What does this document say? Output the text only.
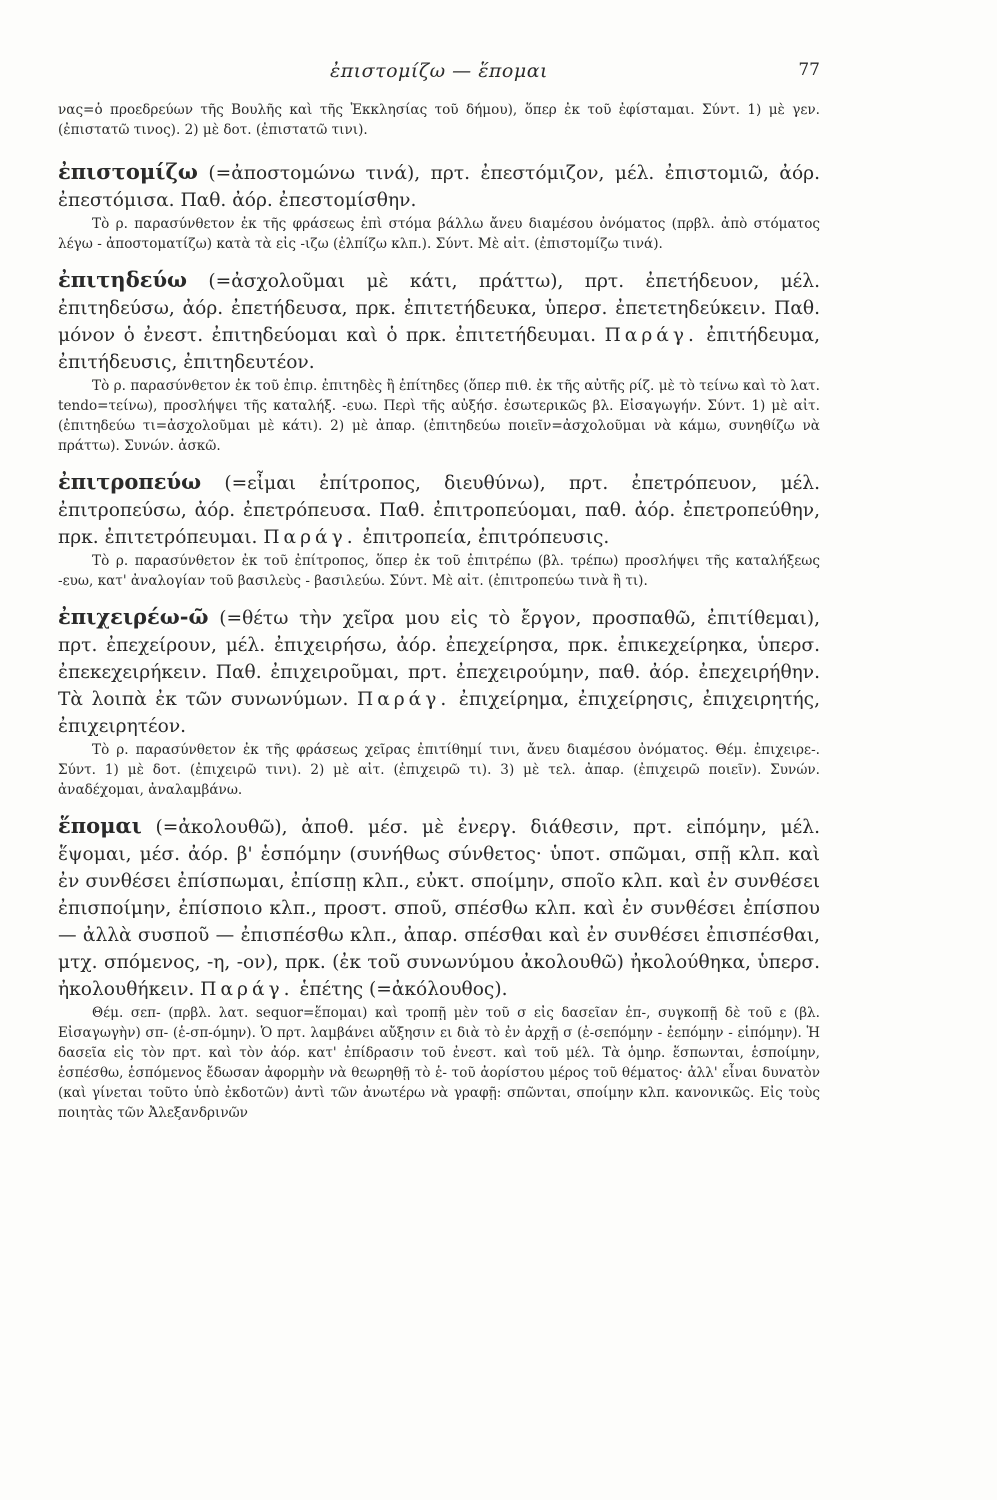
ἐπιστομίζω — ἕπομαι	77

νας=ὁ προεδρεύων τῆς Βουλῆς καὶ τῆς Ἐκκλησίας τοῦ δήμου), ὅπερ ἐκ τοῦ ἐφίσταμαι. Σύντ. 1) μὲ γεν. (ἐπιστατῶ τινος). 2) μὲ δοτ. (ἐπιστατῶ τινι).

ἐπιστομίζω (=ἀποστομώνω τινά), πρτ. ἐπεστόμιζον, μέλ. ἐπιστομιῶ, ἀόρ. ἐπεστόμισα. Παθ. ἀόρ. ἐπεστομίσθην.

Τὸ ρ. παρασύνθετον ἐκ τῆς φράσεως ἐπὶ στόμα βάλλω ἄνευ διαμέσου ὀνόματος (πρβλ. ἀπὸ στόματος λέγω - ἀποστοματίζω) κατὰ τὰ εἰς -ιζω (ἐλπίζω κλπ.). Σύντ. Μὲ αἰτ. (ἐπιστομίζω τινά).

ἐπιτηδεύω (=ἀσχολοῦμαι μὲ κάτι, πράττω), πρτ. ἐπετήδευον, μέλ. ἐπιτηδεύσω, ἀόρ. ἐπετήδευσα, πρκ. ἐπιτετήδευκα, ὑπερσ. ἐπετετηδεύκειν. Παθ. μόνον ὁ ἐνεστ. ἐπιτηδεύομαι καὶ ὁ πρκ. ἐπιτετήδευμαι. Παράγ. ἐπιτήδευμα, ἐπιτήδευσις, ἐπιτηδευτέον.

Τὸ ρ. παρασύνθετον ἐκ τοῦ ἐπιρ. ἐπιτηδὲς ἢ ἐπίτηδες (ὅπερ πιθ. ἐκ τῆς αὐτῆς ρίζ. μὲ τὸ τείνω καὶ τὸ λατ. tendo=τείνω), προσλήψει τῆς καταλήξ. -ευω. Περὶ τῆς αὐξήσ. ἐσωτερικῶς βλ. Εἰσαγωγήν. Σύντ. 1) μὲ αἰτ. (ἐπιτηδεύω τι=ἀσχολοῦμαι μὲ κάτι). 2) μὲ ἀπαρ. (ἐπιτηδεύω ποιεῖν=ἀσχολοῦμαι νὰ κάμω, συνηθίζω νὰ πράττω). Συνών. ἀσκῶ.

ἐπιτροπεύω (=εἶμαι ἐπίτροπος, διευθύνω), πρτ. ἐπετρόπευον, μέλ. ἐπιτροπεύσω, ἀόρ. ἐπετρόπευσα. Παθ. ἐπιτροπεύομαι, παθ. ἀόρ. ἐπετροπεύθην, πρκ. ἐπιτετρόπευμαι. Παράγ. ἐπιτροπεία, ἐπιτρόπευσις.

Τὸ ρ. παρασύνθετον ἐκ τοῦ ἐπίτροπος, ὅπερ ἐκ τοῦ ἐπιτρέπω (βλ. τρέπω) προσλήψει τῆς καταλήξεως -ευω, κατ' ἀναλογίαν τοῦ βασιλεὺς - βασιλεύω. Σύντ. Μὲ αἰτ. (ἐπιτροπεύω τινὰ ἢ τι).

ἐπιχειρέω-ῶ (=θέτω τὴν χεῖρα μου εἰς τὸ ἔργον, προσπαθῶ, ἐπιτίθεμαι), πρτ. ἐπεχείρουν, μέλ. ἐπιχειρήσω, ἀόρ. ἐπεχείρησα, πρκ. ἐπικεχείρηκα, ὑπερσ. ἐπεκεχειρήκειν. Παθ. ἐπιχειροῦμαι, πρτ. ἐπεχειρούμην, παθ. ἀόρ. ἐπεχειρήθην. Τὰ λοιπὰ ἐκ τῶν συνωνύμων. Παράγ. ἐπιχείρημα, ἐπιχείρησις, ἐπιχειρητής, ἐπιχειρητέον.

Τὸ ρ. παρασύνθετον ἐκ τῆς φράσεως χεῖρας ἐπιτίθημί τινι, ἄνευ διαμέσου ὀνόματος. Θέμ. ἐπιχειρε-. Σύντ. 1) μὲ δοτ. (ἐπιχειρῶ τινι). 2) μὲ αἰτ. (ἐπιχειρῶ τι). 3) μὲ τελ. ἀπαρ. (ἐπιχειρῶ ποιεῖν). Συνών. ἀναδέχομαι, ἀναλαμβάνω.

ἕπομαι (=ἀκολουθῶ), ἀποθ. μέσ. μὲ ἐνεργ. διάθεσιν, πρτ. εἱπόμην, μέλ. ἕψομαι, μέσ. ἀόρ. β' ἑσπόμην (συνήθως σύνθετος· ὑποτ. σπῶμαι, σπῇ κλπ. καὶ ἐν συνθέσει ἐπίσπωμαι, ἐπίσπῃ κλπ., εὐκτ. σποίμην, σποῖο κλπ. καὶ ἐν συνθέσει ἐπισποίμην, ἐπίσποιο κλπ., προστ. σποῦ, σπέσθω κλπ. καὶ ἐν συνθέσει ἐπίσπου — ἀλλὰ συσποῦ — ἐπισπέσθω κλπ., ἀπαρ. σπέσθαι καὶ ἐν συνθέσει ἐπισπέσθαι, μτχ. σπόμενος, -η, -ον), πρκ. (ἐκ τοῦ συνωνύμου ἀκολουθῶ) ἠκολούθηκα, ὑπερσ. ἠκολουθήκειν. Παράγ. ἑπέτης (=ἀκόλουθος).

Θέμ. σεπ- (πρβλ. λατ. sequor=ἕπομαι) καὶ τροπῇ μὲν τοῦ σ εἰς δασεῖαν ἑπ-, συγκοπῇ δὲ τοῦ ε (βλ. Εἰσαγωγὴν) σπ- (ἑ-σπ-όμην). Ὁ πρτ. λαμβάνει αὔξησιν ει διὰ τὸ ἐν ἀρχῇ σ (ἐ-σεπόμην - ἐεπόμην - εἱπόμην). Ἡ δασεῖα εἰς τὸν πρτ. καὶ τὸν ἀόρ. κατ' ἐπίδρασιν τοῦ ἐνεστ. καὶ τοῦ μέλ. Τὰ ὁμηρ. ἕσπωνται, ἑσποίμην, ἑσπέσθω, ἑσπόμενος ἔδωσαν ἀφορμὴν νὰ θεωρηθῇ τὸ ἑ- τοῦ ἀορίστου μέρος τοῦ θέματος· ἀλλ' εἶναι δυνατὸν (καὶ γίνεται τοῦτο ὑπὸ ἐκδοτῶν) ἀντὶ τῶν ἀνωτέρω νὰ γραφῇ: σπῶνται, σποίμην κλπ. κανονικῶς. Εἰς τοὺς ποιητὰς τῶν Ἀλεξανδρινῶν
